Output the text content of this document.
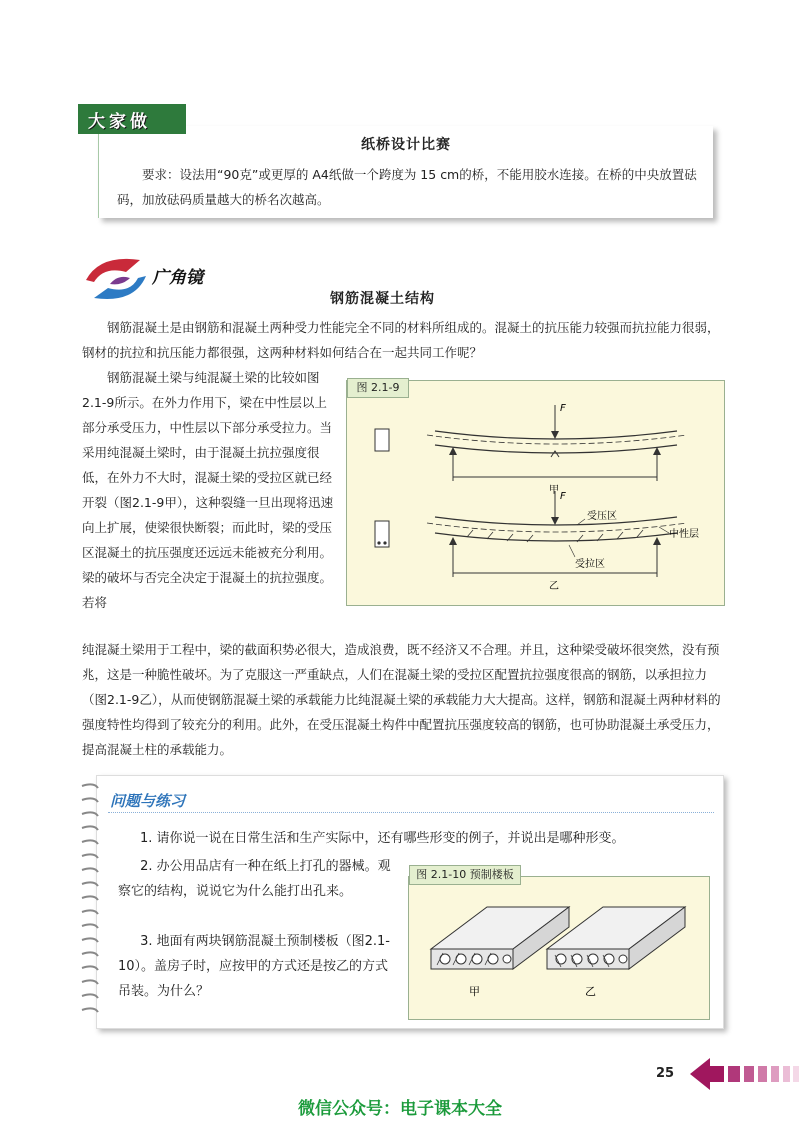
纸桥设计比赛
要求：设法用“90克”或更厚的 A4纸做一个跨度为 15 cm的桥，不能用胶水连接。在桥的中央放置砝码，加放砝码质量越大的桥名次越高。
大家做
广角镜
钢筋混凝土结构
钢筋混凝土是由钢筋和混凝土两种受力性能完全不同的材料所组成的。混凝土的抗压能力较强而抗拉能力很弱，钢材的抗拉和抗压能力都很强，这两种材料如何结合在一起共同工作呢？
钢筋混凝土梁与纯混凝土梁的比较如图2.1-9所示。在外力作用下，梁在中性层以上部分承受压力，中性层以下部分承受拉力。当采用纯混凝土梁时，由于混凝土抗拉强度很低，在外力不大时，混凝土梁的受拉区就已经开裂（图2.1-9甲），这种裂缝一旦出现将迅速向上扩展，使梁很快断裂；而此时，梁的受压区混凝土的抗压强度还远远未能被充分利用。梁的破坏与否完全决定于混凝土的抗拉强度。若将
纯混凝土梁用于工程中，梁的截面积势必很大，造成浪费，既不经济又不合理。并且，这种梁受破坏很突然，没有预兆，这是一种脆性破坏。为了克服这一严重缺点，人们在混凝土梁的受拉区配置抗拉强度很高的钢筋，以承担拉力（图2.1-9乙），从而使钢筋混凝土梁的承载能力比纯混凝土梁的承载能力大大提高。这样，钢筋和混凝土两种材料的强度特性均得到了较充分的利用。此外，在受压混凝土构件中配置抗压强度较高的钢筋，也可协助混凝土承受压力，提高混凝土柱的承载能力。
F
甲
F
受压区
中性层
受拉区
乙
图 2.1-9
问题与练习
1. 请你说一说在日常生活和生产实际中，还有哪些形变的例子，并说出是哪种形变。
2. 办公用品店有一种在纸上打孔的器械。观察它的结构，说说它为什么能打出孔来。
3. 地面有两块钢筋混凝土预制楼板（图2.1-10）。盖房子时，应按甲的方式还是按乙的方式吊装。为什么？	甲	乙
图 2.1-10 预制楼板
25
微信公众号：电子课本大全
